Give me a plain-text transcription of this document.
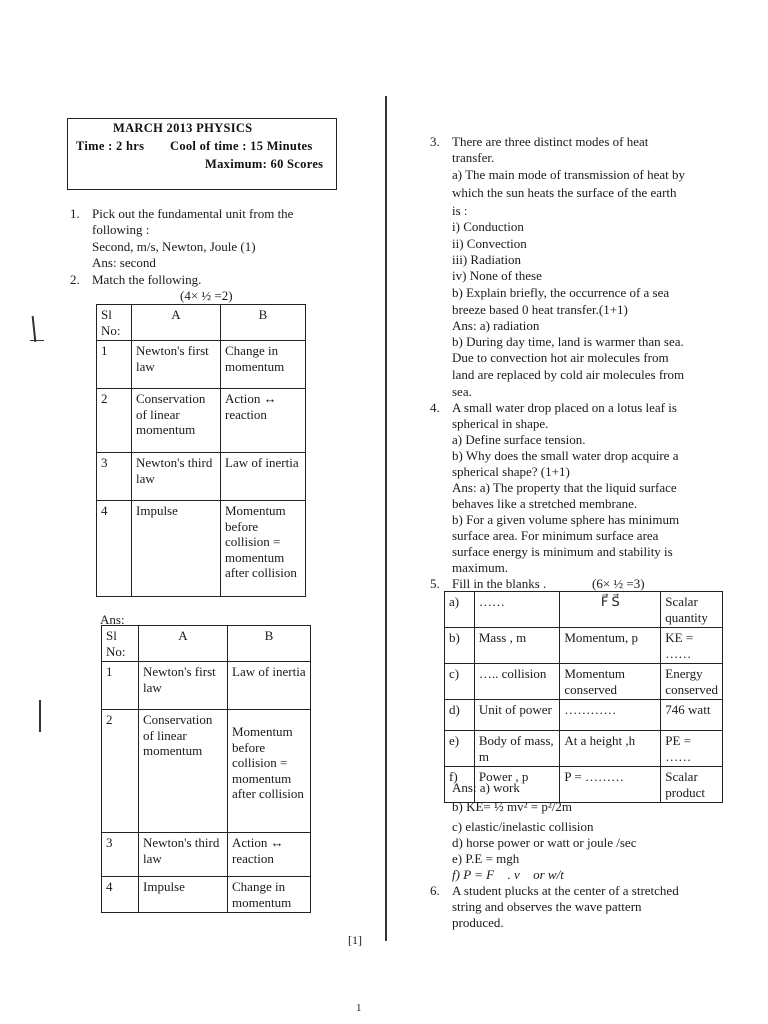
MARCH 2013 PHYSICS
Time : 2 hrs Cool of time : 15 Minutes
Maximum: 60 Scores
1. Pick out the fundamental unit from the
following :
Second, m/s, Newton, Joule (1)
Ans: second
2. Match the following.
(4× ½ =2)
Sl No:	A	B
1	Newton's first law	Change in momentum
2	Conservation of linear momentum	Action ↔ reaction
3	Newton's third law	Law of inertia
4	Impulse	Momentum before collision = momentum after collision
Ans:
Sl No:	A	B
1	Newton's first law	Law of inertia
2	Conservation of linear momentum	Momentum before collision = momentum after collision
3	Newton's third law	Action ↔ reaction
4	Impulse	Change in momentum
3. There are three distinct modes of heat
transfer.
a) The main mode of transmission of heat by
which the sun heats the surface of the earth
is :
i) Conduction
ii) Convection
iii) Radiation
iv) None of these
b) Explain briefly, the occurrence of a sea
breeze based 0 heat transfer.(1+1)
Ans: a) radiation
b) During day time, land is warmer than sea.
Due to convection hot air molecules from
land are replaced by cold air molecules from
sea.
4. A small water drop placed on a lotus leaf is
spherical in shape.
a) Define surface tension.
b) Why does the small water drop acquire a
spherical shape? (1+1)
Ans: a) The property that the liquid surface
behaves like a stretched membrane.
b) For a given volume sphere has minimum
surface area. For minimum surface area
surface energy is minimum and stability is
maximum.
5. Fill in the blanks .	(6× ½ =3)
a)	……	F⃗ S⃗	Scalar quantity
b)	Mass , m	Momentum, p	KE = ……
c)	….. collision	Momentum conserved	Energy conserved
d)	Unit of power	…………	746 watt
e)	Body of mass, m	At a height ,h	PE = ……
f)	Power , p	P = ………	Scalar product
Ans: a) work
b) KE= ½ mv² = p²/2m
c) elastic/inelastic collision
d) horse power or watt or joule /sec
e) P.E = mgh
f) P = F⃗ . v⃗ or w/t
6. A student plucks at the center of a stretched
string and observes the wave pattern
produced.
[1]
1
